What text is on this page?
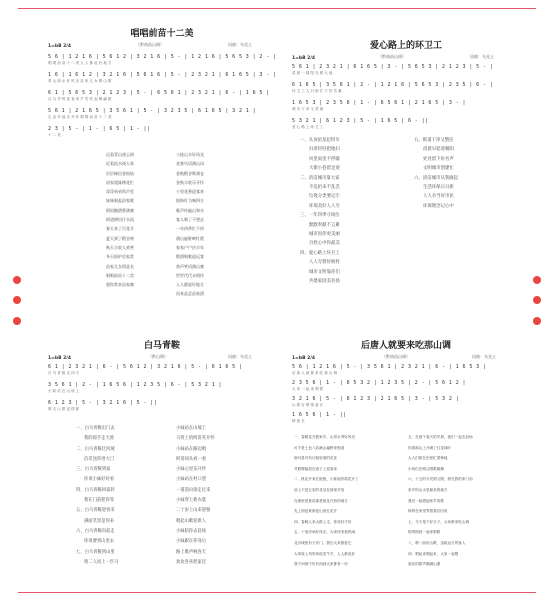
唱唱前苗十二美
（黔南苗山调）	词曲：乌光土
1=bB 2/4
5 6 | 1 2 1 6 | 5 6 1 2 | 3 2 1 6 | 5 - | 1 2 1 6 | 5 6 5 3 | 2 - |
唱 唱 前 苗 十 二 美 人 人 都 说 好 地 方
1 6 | 1 6 1 2 | 3 2 1 6 | 5 6 1 6 | 5 - | 2 3 2 1 | 6 1 6 5 | 3 - |
青 山 绿 水 好 风 光 苗 家 儿 女 唱 山 歌
6 1 | 5 6 5 3 | 2 1 2 3 | 5 - | 6 5 6 1 | 2 3 2 1 | 6 - | 1 6 5 |
百 鸟 齐 鸣 迎 客 来 芦 笙 吹 起 舞 翩 跹
5 6 1 | 2 1 6 5 | 3 5 6 1 | 5 - | 3 2 3 5 | 6 1 6 5 | 3 2 1 |
生 活 幸 福 乐 开 怀 唱 唱 前 苗 十 二 美
2 3 | 5 - | 1 - | 6 5 | 1 - ||
十 二 美
远看青山绕云间
近看流水绕人家
层层梯田金灿灿
苗家姐妹绣花忙
哥哥弟弟吹芦笙
妹妹唱起苗家歌
阿妈酿酒香满寨
阿爸耕田汗水流
春天来了百花开
夏天到了稻谷黄
秋天丰收人欢笑
冬天围炉话家常
苗家儿女情意长
唱唱前苗十二美
愿你常来苗家寨
八桂山水好风光
花香鸟语满山冈
金秋稻谷堆满仓
金秋丰收乐开怀
十里花香迎客来
银饰叮当响四方
歌声传遍山和水
客人喝了不想走
一年四季忙不停
满山遍野映红霞
家家户户庆丰年
敬酒唱歌迎远客
欢声笑语满山寨
世世代代永相传
人人都说好地方
再来品尝苗家酒
爱心路上的环卫工
（黔南苗山调）	词曲：乌光土
1=bB 2/4
5 6 1 | 2 3 2 1 | 6 1 6 5 | 3 - | 5 6 5 3 | 2 1 2 3 | 5 - |
清 晨 一 缕 阳 光 照 大 地
6 1 6 5 | 3 5 6 1 | 2 - | 1 2 1 6 | 5 6 5 3 | 2 3 5 | 6 - |
环 卫 工 人 扫 街 忙 不 怕 苦 累
1 6 5 3 | 2 3 5 6 | 1 - | 6 5 6 1 | 2 1 6 5 | 3 - |
城 市 干 净 又 美 丽
5 3 2 1 | 6 1 2 3 | 5 - | 1 6 5 | 6 - ||
爱 心 路 上 环 卫 工
一、头顶星星起得早
扫帚轻轻把地扫
风里雨里不停歇
大街小巷留足迹
二、清洁城市靠大家
不乱扔来不乱丢
垃圾分类要记牢
环境美好人人夸
三、一年四季守岗位
默默奉献不言累
城市因你更美丽
百姓心中你最美
四、爱心路上环卫工
人人夸赞好榜样
城市文明靠你们
共建家园美名扬
五、街道干净又整洁
清晨早起迎朝阳
处处留下好名声
文明城市创建忙
六、清洁城市从我做起
生活环保日日新
人人争当好市民
环保理念记心中
白马青鞍
（黔山调）	词曲：乌光土
1=bB 2/4
6 1 | 2 3 2 1 | 6 - | 5 6 1 2 | 3 2 1 6 | 5 - | 6 1 6 5 |
白 马 青 鞍 走 四 方
3 5 6 1 | 2 - | 1 6 5 6 | 1 2 3 5 | 6 - | 5 3 2 1 |
小 妹 站 在 山 坡 上
6 1 2 3 | 5 - | 3 2 1 6 | 5 - ||
唱 支 山 歌 送 情 郎
一、白马青鞍出门去
我的骑手走天涯
二、白马青鞍过河坡
信差送你进大门
三、白马青鞍到家
你说小妹好好看
四、白马青鞍回家转
我在门前把你等
五、白马青鞍迎客来
满面笑容是你来
六、白马青鞍向前走
你说要到山里去
七、白马青鞍到山里
咱二人同上一匹马
小妹站在山坡上
马背上的阿哥笑开怀
小妹站在路边唱
阿哥回头看一看
小妹心里乐开怀
小妹站在村口望
一道道山梁走过来
小妹穿上新衣裳
二十岁上山来迎娶
唱起山歌迎新人
小妹陪你去赶场
小妹跟在你身后
路上歌声响连天
欢欢喜喜把家还
后唐人就要来吃那山调
（黔南苗山调）	词曲：乌光土
1=bB 2/4
5 6 | 1 2 1 6 | 5 - | 3 5 6 1 | 2 3 2 1 | 6 - | 1 6 5 3 |
后 唐 人 就 要 来 吃 那 山 调
2 3 5 6 | 1 - | 6 5 3 2 | 1 2 3 5 | 2 - | 5 6 1 2 |
大 家 一 起 来 唱 歌
3 2 1 6 | 5 - | 6 1 2 3 | 2 1 6 5 | 3 - | 5 3 2 |
山 歌 好 唱 情 意 长
1 6 5 6 | 1 - ||
情 意 长
一、春暖花开我家乡，山青水秀好风光
可不是七色八彩满山遍野来相迎
那可是可有巧姐里面的花花
对联牌匾放在桌子上迎客来
二、桃花开来红艳艳，小妹姐你看花开了
前上不是五彩的花朵在那里开放
在那里是谁说那是桃花开放的地方
先上面是谁都是山里红花开
四、春暖人来大路上走，你说好不好
五、十里洋场好风光，大家快来看热闹
北京城里有天安门，我们大家都爱它
大草原上风吹草低见牛羊，人人都说好
我于问那个好东西到大家都有一份
五、在那个春天的早晨，我们一起去赶场
你看那山上开满了红花绿叶
大人们都在田里忙着种地
小孩们在路边唱歌跳舞
六、十五的月亮圆又圆，照在我的家门前
家乡的山水是最美的地方
我们一起唱起家乡的歌
阿妈在家里等着我们回来
七、今天是个好日子，大家都来吃山调
阿哥阿妹一起来唱歌
八、唱一曲好山歌，送给远方的客人
四、唱起来唱起来，大家一起唱
欢乐的歌声飘满山寨
